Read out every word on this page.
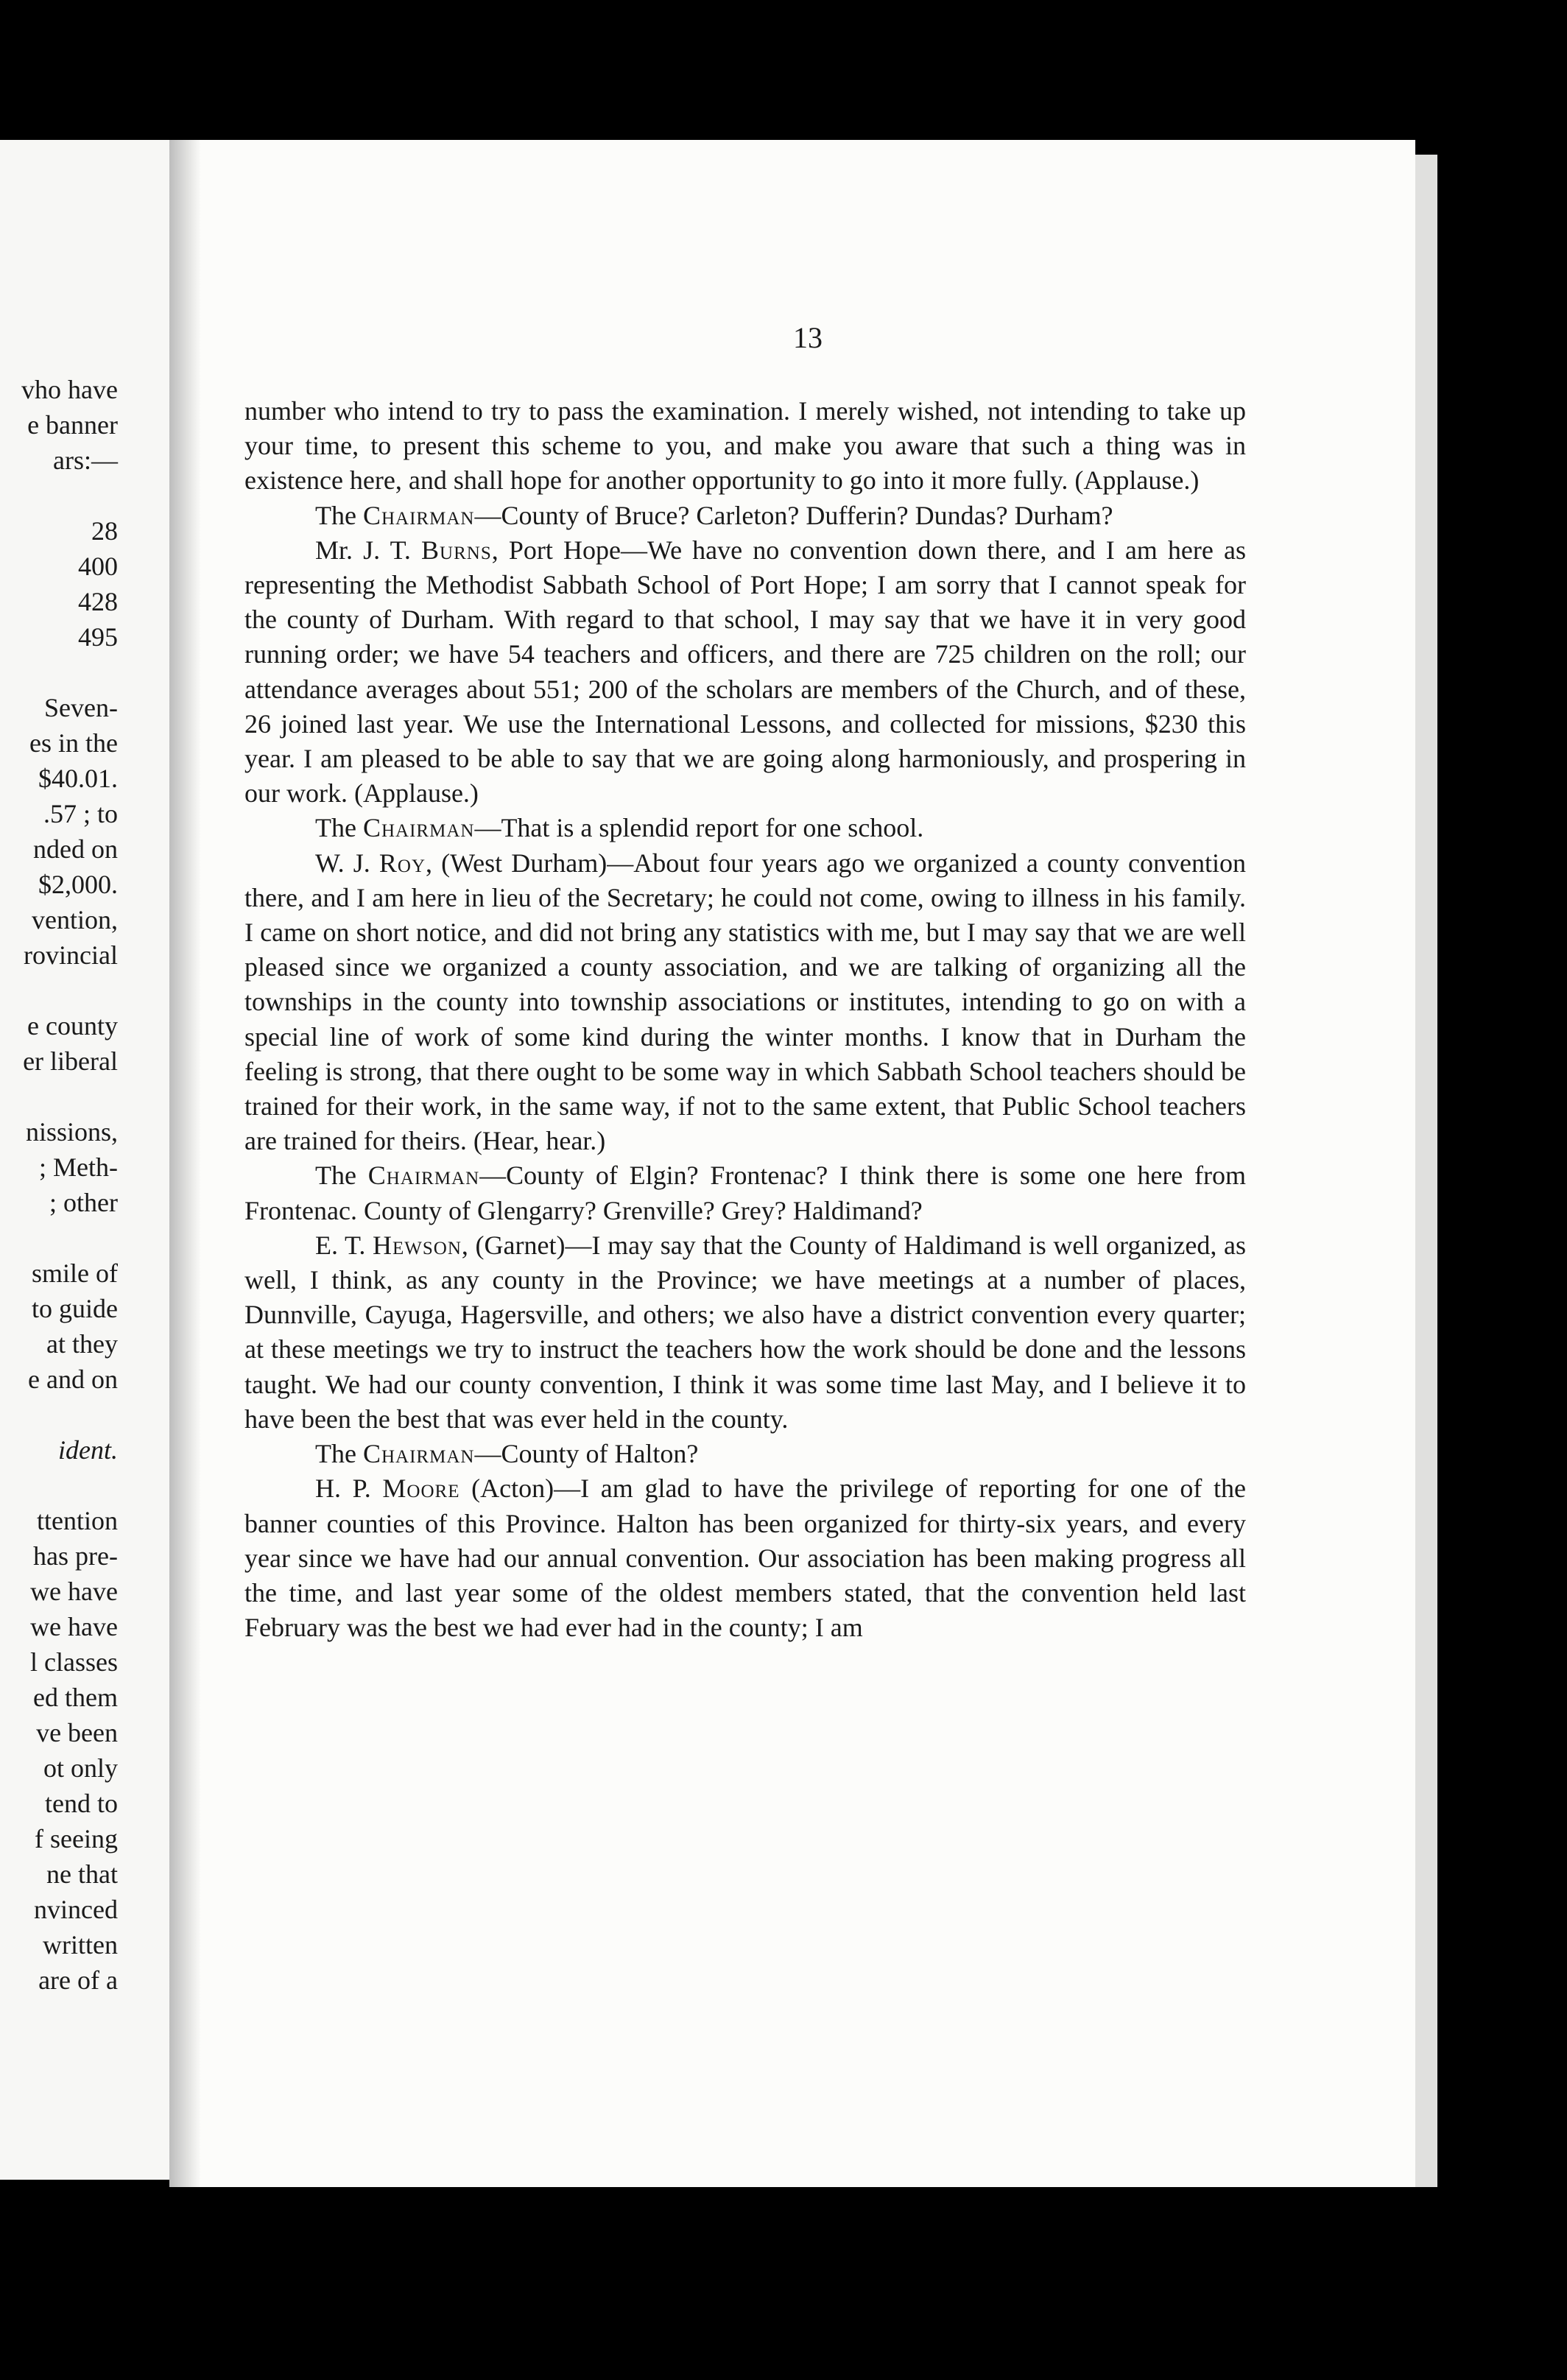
vho have
e banner
ars:—

28
400
428
495

Seven-
es in the
$40.01.
.57 ; to
nded on
$2,000.
vention,
rovincial

e county
er liberal

nissions,
; Meth-
; other

smile of
to guide
at they
e and on

ident.

ttention
has pre-
we have
we have
l classes
ed them
ve been
ot only
tend to
f seeing
ne that
nvinced
written
are of a
13

number who intend to try to pass the examination. I merely wished, not intending to take up your time, to present this scheme to you, and make you aware that such a thing was in existence here, and shall hope for another opportunity to go into it more fully. (Applause.)

The Chairman—County of Bruce? Carleton? Dufferin? Dundas? Durham?

Mr. J. T. Burns, Port Hope—We have no convention down there, and I am here as representing the Methodist Sabbath School of Port Hope; I am sorry that I cannot speak for the county of Durham. With regard to that school, I may say that we have it in very good running order; we have 54 teachers and officers, and there are 725 children on the roll; our attendance averages about 551; 200 of the scholars are members of the Church, and of these, 26 joined last year. We use the International Lessons, and collected for missions, $230 this year. I am pleased to be able to say that we are going along harmoniously, and prospering in our work. (Applause.)

The Chairman—That is a splendid report for one school.

W. J. Roy, (West Durham)—About four years ago we organized a county convention there, and I am here in lieu of the Secretary; he could not come, owing to illness in his family. I came on short notice, and did not bring any statistics with me, but I may say that we are well pleased since we organized a county association, and we are talking of organizing all the townships in the county into township associations or institutes, intending to go on with a special line of work of some kind during the winter months. I know that in Durham the feeling is strong, that there ought to be some way in which Sabbath School teachers should be trained for their work, in the same way, if not to the same extent, that Public School teachers are trained for theirs. (Hear, hear.)

The Chairman—County of Elgin? Frontenac? I think there is some one here from Frontenac. County of Glengarry? Grenville? Grey? Haldimand?

E. T. Hewson, (Garnet)—I may say that the County of Haldimand is well organized, as well, I think, as any county in the Province; we have meetings at a number of places, Dunnville, Cayuga, Hagersville, and others; we also have a district convention every quarter; at these meetings we try to instruct the teachers how the work should be done and the lessons taught. We had our county convention, I think it was some time last May, and I believe it to have been the best that was ever held in the county.

The Chairman—County of Halton?

H. P. Moore (Acton)—I am glad to have the privilege of reporting for one of the banner counties of this Province. Halton has been organized for thirty-six years, and every year since we have had our annual convention. Our association has been making progress all the time, and last year some of the oldest members stated, that the convention held last February was the best we had ever had in the county; I am
